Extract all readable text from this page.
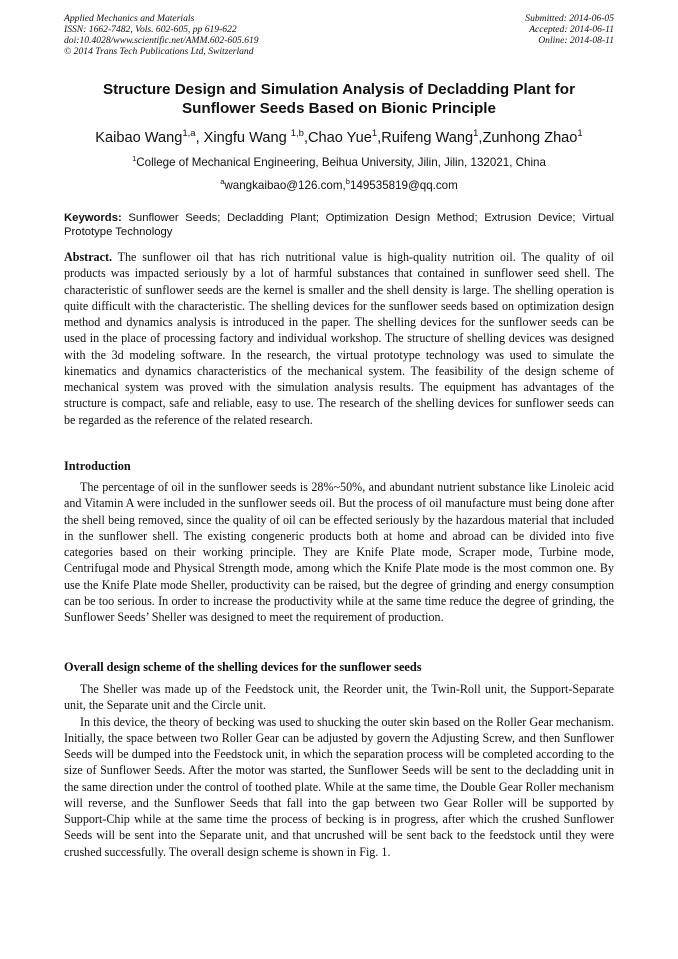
Applied Mechanics and Materials
ISSN: 1662-7482, Vols. 602-605, pp 619-622
doi:10.4028/www.scientific.net/AMM.602-605.619
© 2014 Trans Tech Publications Ltd, Switzerland
Submitted: 2014-06-05
Accepted: 2014-06-11
Online: 2014-08-11
Structure Design and Simulation Analysis of Decladding Plant for
Sunflower Seeds Based on Bionic Principle
Kaibao Wang$^{1,a}$, Xingfu Wang $^{1,b}$,Chao Yue$^1$,Ruifeng Wang$^1$,Zunhong Zhao$^1$
$^1$College of Mechanical Engineering, Beihua University, Jilin, Jilin, 132021, China
$^a$wangkaibao@126.com,$^b$149535819@qq.com
Keywords: Sunflower Seeds; Decladding Plant; Optimization Design Method; Extrusion Device; Virtual Prototype Technology

Abstract. The sunflower oil that has rich nutritional value is high-quality nutrition oil. The quality of oil products was impacted seriously by a lot of harmful substances that contained in sunflower seed shell. The characteristic of sunflower seeds are the kernel is smaller and the shell density is large. The shelling operation is quite difficult with the characteristic. The shelling devices for the sunflower seeds based on optimization design method and dynamics analysis is introduced in the paper. The shelling devices for the sunflower seeds can be used in the place of processing factory and individual workshop. The structure of shelling devices was designed with the 3d modeling software. In the research, the virtual prototype technology was used to simulate the kinematics and dynamics characteristics of the mechanical system. The feasibility of the design scheme of mechanical system was proved with the simulation analysis results. The equipment has advantages of the structure is compact, safe and reliable, easy to use. The research of the shelling devices for sunflower seeds can be regarded as the reference of the related research.

Introduction

The percentage of oil in the sunflower seeds is 28%~50%, and abundant nutrient substance like Linoleic acid and Vitamin A were included in the sunflower seeds oil. But the process of oil manufacture must being done after the shell being removed, since the quality of oil can be effected seriously by the hazardous material that included in the sunflower shell. The existing congeneric products both at home and abroad can be divided into five categories based on their working principle. They are Knife Plate mode, Scraper mode, Turbine mode, Centrifugal mode and Physical Strength mode, among which the Knife Plate mode is the most common one. By use the Knife Plate mode Sheller, productivity can be raised, but the degree of grinding and energy consumption can be too serious. In order to increase the productivity while at the same time reduce the degree of grinding, the Sunflower Seeds’ Sheller was designed to meet the requirement of production.

Overall design scheme of the shelling devices for the sunflower seeds

The Sheller was made up of the Feedstock unit, the Reorder unit, the Twin-Roll unit, the Support-Separate unit, the Separate unit and the Circle unit.

In this device, the theory of becking was used to shucking the outer skin based on the Roller Gear mechanism. Initially, the space between two Roller Gear can be adjusted by govern the Adjusting Screw, and then Sunflower Seeds will be dumped into the Feedstock unit, in which the separation process will be completed according to the size of Sunflower Seeds. After the motor was started, the Sunflower Seeds will be sent to the decladding unit in the same direction under the control of toothed plate. While at the same time, the Double Gear Roller mechanism will reverse, and the Sunflower Seeds that fall into the gap between two Gear Roller will be supported by Support-Chip while at the same time the process of becking is in progress, after which the crushed Sunflower Seeds will be sent into the Separate unit, and that uncrushed will be sent back to the feedstock until they were crushed successfully. The overall design scheme is shown in Fig. 1.
